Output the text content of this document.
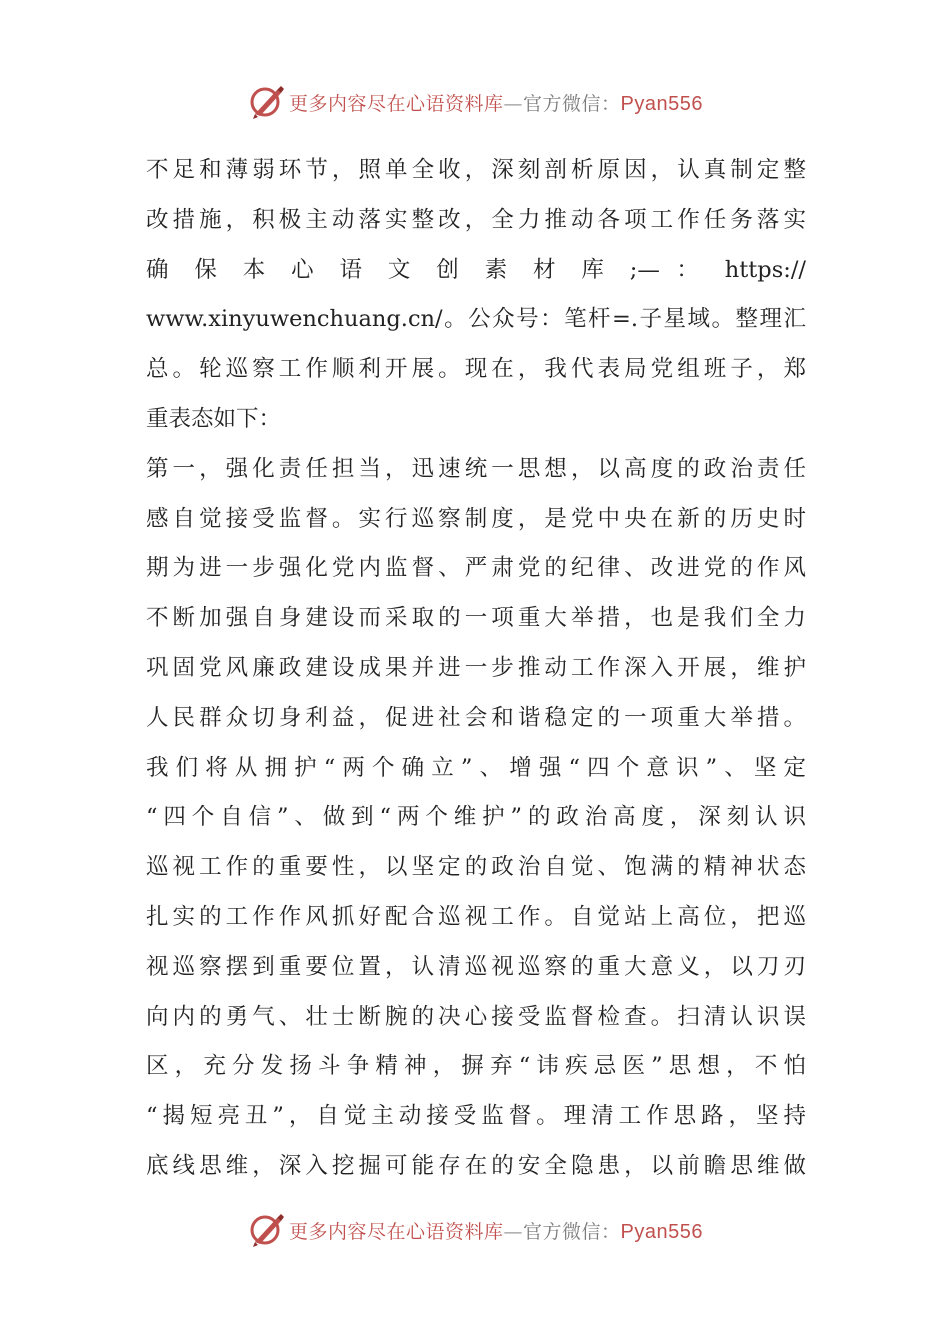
更多内容尽在心语资料库—官方微信：Pyan556
不足和薄弱环节，照单全收，深刻剖析原因，认真制定整
改措施，积极主动落实整改，全力推动各项工作任务落实
确 保 本 心 语 文 创 素 材 库 ;— ： https://
www.xinyuwenchuang.cn/。公众号：笔杆=.子星域。整理汇
总。轮巡察工作顺利开展。现在，我代表局党组班子，郑
重表态如下：
第一，强化责任担当，迅速统一思想，以高度的政治责任
感自觉接受监督。实行巡察制度，是党中央在新的历史时
期为进一步强化党内监督、严肃党的纪律、改进党的作风
不断加强自身建设而采取的一项重大举措，也是我们全力
巩固党风廉政建设成果并进一步推动工作深入开展，维护
人民群众切身利益，促进社会和谐稳定的一项重大举措。
我们将从拥护“两个确立”、增强“四个意识”、坚定
“四个自信”、做到“两个维护”的政治高度，深刻认识
巡视工作的重要性，以坚定的政治自觉、饱满的精神状态
扎实的工作作风抓好配合巡视工作。自觉站上高位，把巡
视巡察摆到重要位置，认清巡视巡察的重大意义，以刀刃
向内的勇气、壮士断腕的决心接受监督检查。扫清认识误
区，充分发扬斗争精神，摒弃“讳疾忌医”思想，不怕
“揭短亮丑”，自觉主动接受监督。理清工作思路，坚持
底线思维，深入挖掘可能存在的安全隐患，以前瞻思维做
更多内容尽在心语资料库—官方微信：Pyan556
